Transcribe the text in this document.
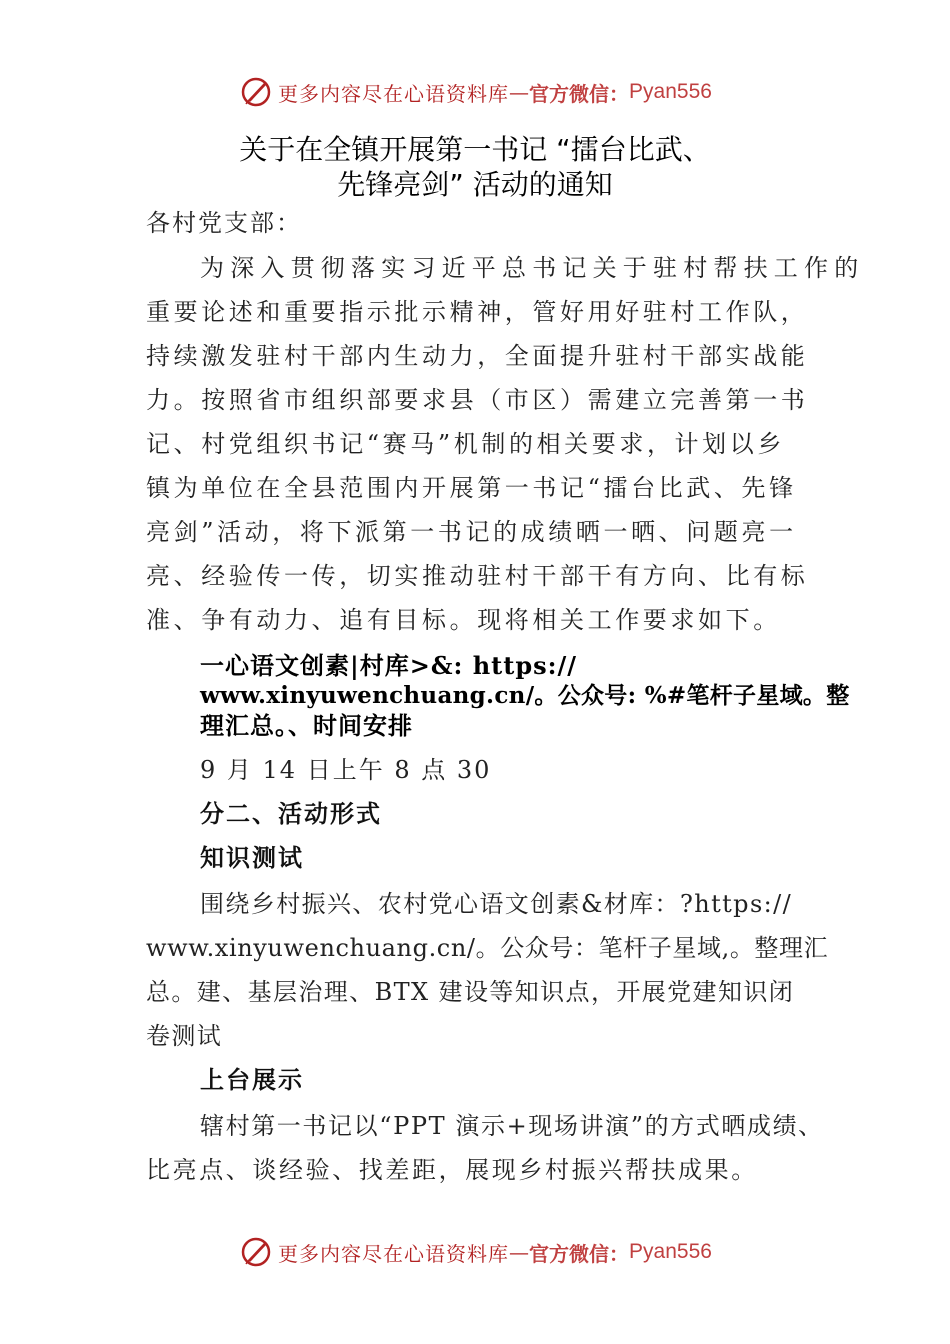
更多内容尽在心语资料库 — 官方微信： Pyan556
关于在全镇开展第一书记 “擂台比武、
先锋亮剑” 活动的通知
各村党支部：
为深入贯彻落实习近平总书记关于驻村帮扶工作的
重要论述和重要指示批示精神，管好用好驻村工作队，
持续激发驻村干部内生动力，全面提升驻村干部实战能
力。按照省市组织部要求县（市区）需建立完善第一书
记、村党组织书记“赛马”机制的相关要求，计划以乡
镇为单位在全县范围内开展第一书记“擂台比武、先锋
亮剑”活动，将下派第一书记的成绩晒一晒、问题亮一
亮、经验传一传，切实推动驻村干部干有方向、比有标
准、争有动力、追有目标。现将相关工作要求如下。
一心语文创素|村库>&: https://
www.xinyuwenchuang.cn/。公众号: %#笔杆子星域。整
理汇总。、时间安排
9 月 14 日上午 8 点 30
分二、活动形式
知识测试
围绕乡村振兴、农村党心语文创素&材库：?https://
www.xinyuwenchuang.cn/。公众号：笔杆子星域,。整理汇
总。建、基层治理、BTX 建设等知识点，开展党建知识闭
卷测试
上台展示
辖村第一书记以“PPT 演示+现场讲演”的方式晒成绩、
比亮点、谈经验、找差距，展现乡村振兴帮扶成果。
更多内容尽在心语资料库 — 官方微信： Pyan556
